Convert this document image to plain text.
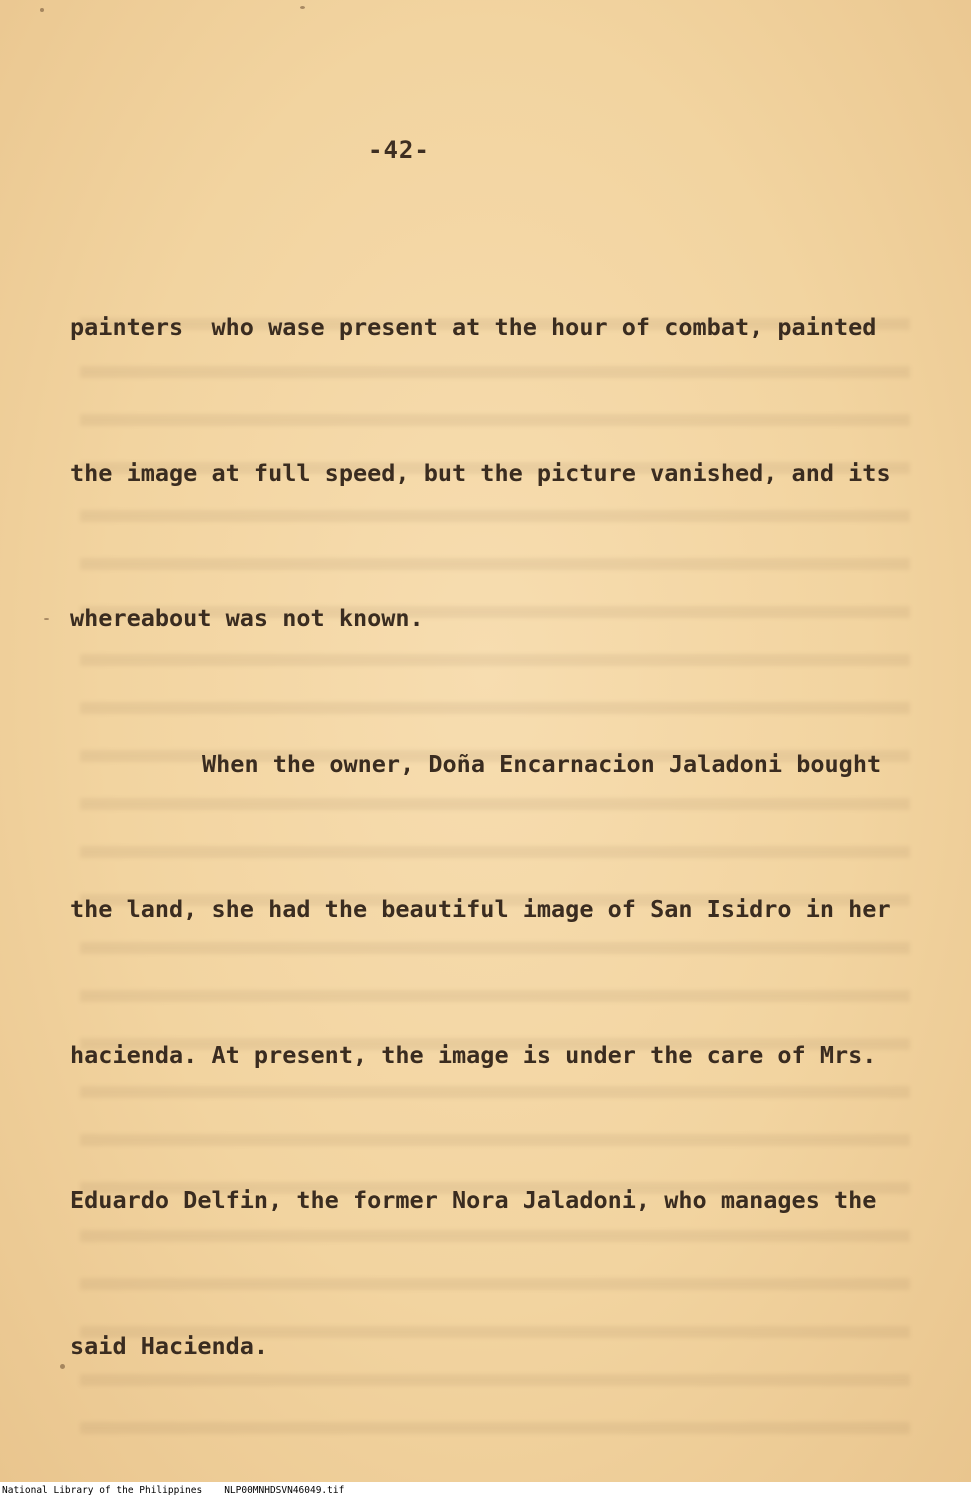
-42-

painters  who wase present at the hour of combat, painted

the image at full speed, but the picture vanished, and its

whereabout was not known.

When the owner, Doña Encarnacion Jaladoni bought

the land, she had the beautiful image of San Isidro in her

hacienda. At present, the image is under the care of Mrs.

Eduardo Delfin, the former Nora Jaladoni, who manages the

said Hacienda.

National Library of the Philippines NLP00MNHDSVN46049.tif
